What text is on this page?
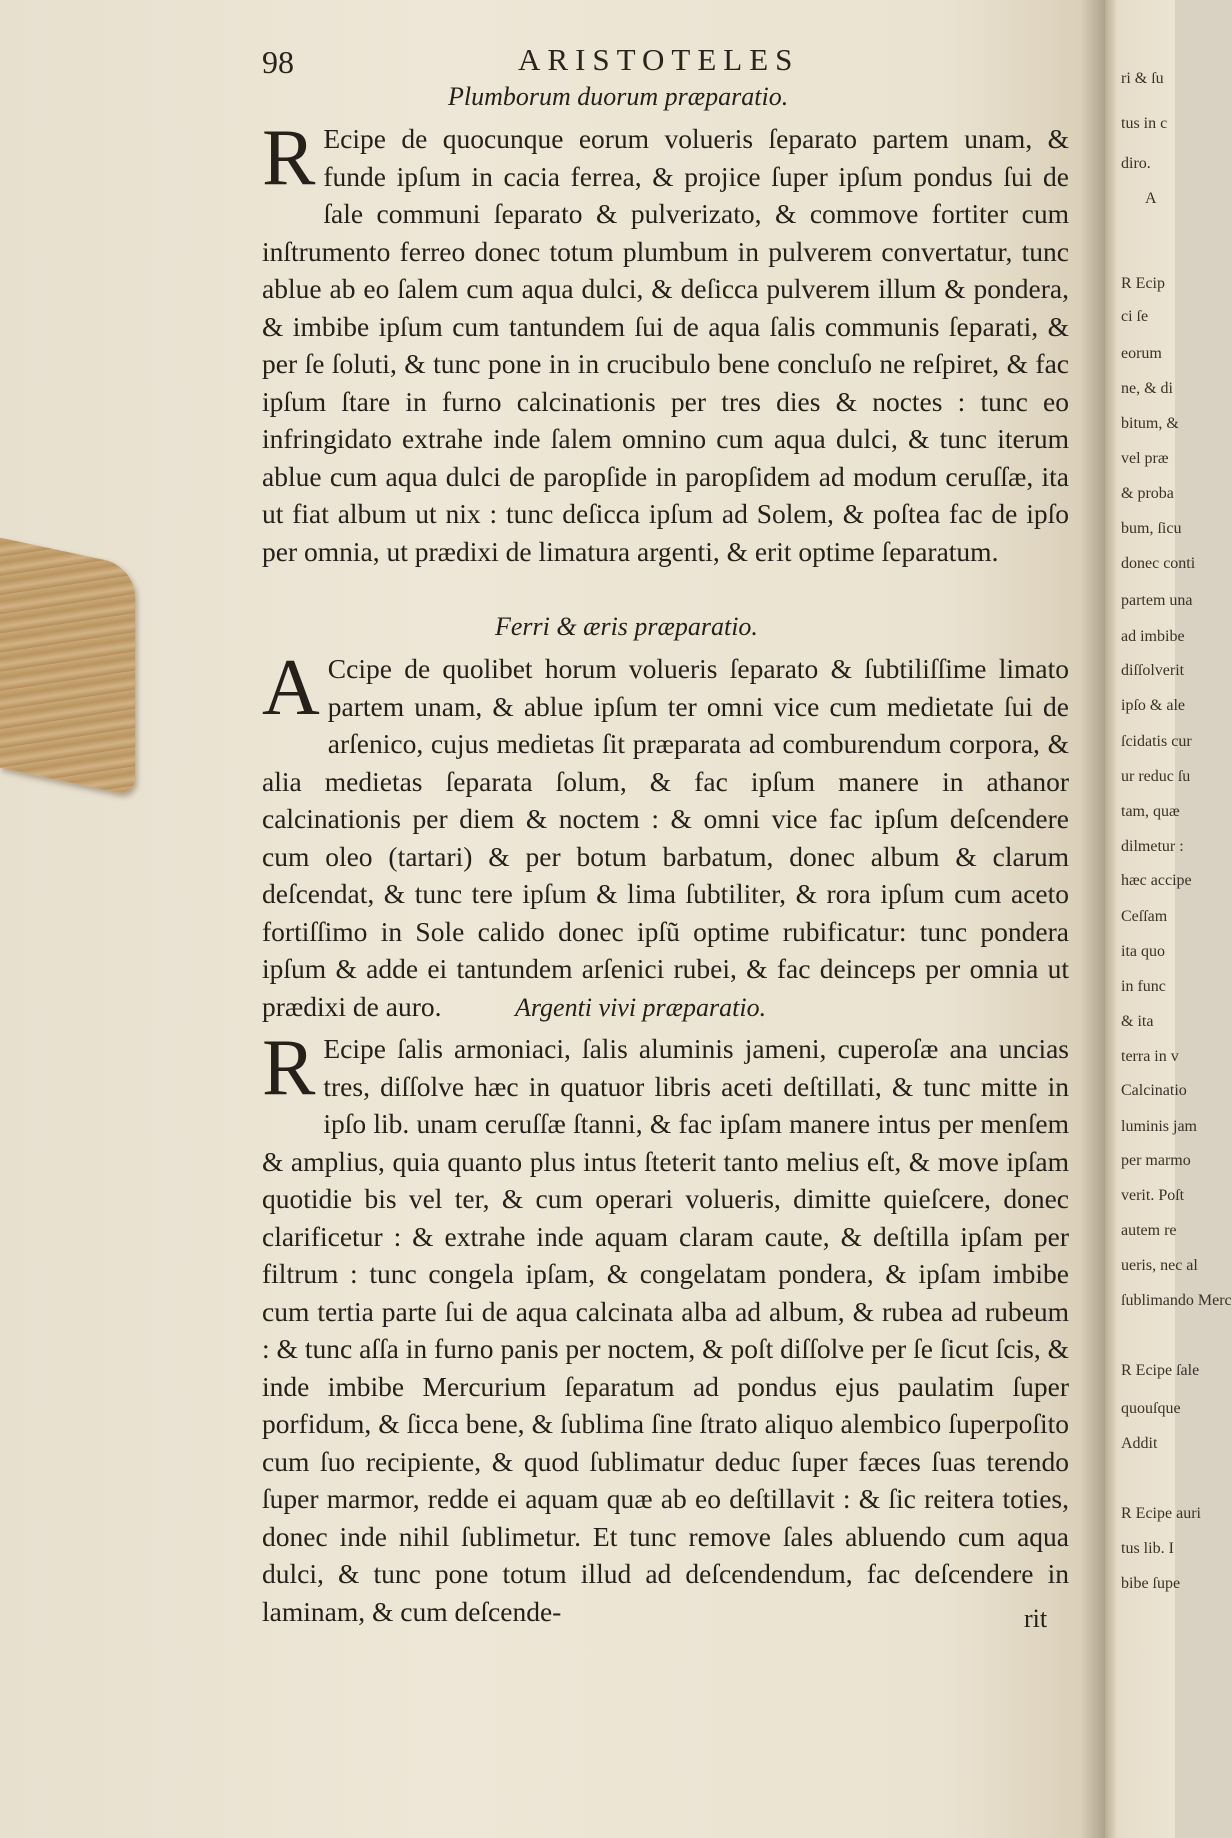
98	ARISTOTELES
Plumborum duorum præparatio.
R Ecipe de quocunque eorum volueris ſeparato partem unam, & funde ipſum in cacia ferrea, & projice ſuper ipſum pondus ſui de ſale communi ſeparato & pulverizato, & commove fortiter cum inſtrumento ferreo donec totum plumbum in pulverem convertatur, tunc ablue ab eo ſalem cum aqua dulci, & deſicca pulverem illum & pondera, & imbibe ipſum cum tantundem ſui de aqua ſalis communis ſeparati, & per ſe ſoluti, & tunc pone in in crucibulo bene concluſo ne reſpiret, & fac ipſum ſtare in furno calcinationis per tres dies & noctes : tunc eo infringidato extrahe inde ſalem omnino cum aqua dulci, & tunc iterum ablue cum aqua dulci de paropſide in paropſidem ad modum ceruſſæ, ita ut fiat album ut nix : tunc deſicca ipſum ad Solem, & poſtea fac de ipſo per omnia, ut prædixi de limatura argenti, & erit optime ſeparatum.
Ferri & æris præparatio.
A Ccipe de quolibet horum volueris ſeparato & ſubtiliſſime limato partem unam, & ablue ipſum ter omni vice cum medietate ſui de arſenico, cujus medietas ſit præparata ad comburendum corpora, & alia medietas ſeparata ſolum, & fac ipſum manere in athanor calcinationis per diem & noctem : & omni vice fac ipſum deſcendere cum oleo (tartari) & per botum barbatum, donec album & clarum deſcendat, & tunc tere ipſum & lima ſubtiliter, & rora ipſum cum aceto fortiſſimo in Sole calido donec ipſũ optime rubificatur: tunc pondera ipſum & adde ei tantundem arſenici rubei, & fac deinceps per omnia ut prædixi de auro.	Argenti vivi præparatio.
R Ecipe ſalis armoniaci, ſalis aluminis jameni, cuperoſæ ana uncias tres, diſſolve hæc in quatuor libris aceti deſtillati, & tunc mitte in ipſo lib. unam ceruſſæ ſtanni, & fac ipſam manere intus per menſem & amplius, quia quanto plus intus ſteterit tanto melius eſt, & move ipſam quotidie bis vel ter, & cum operari volueris, dimitte quieſcere, donec clarificetur : & extrahe inde aquam claram caute, & deſtilla ipſam per filtrum : tunc congela ipſam, & congelatam pondera, & ipſam imbibe cum tertia parte ſui de aqua calcinata alba ad album, & rubea ad rubeum : & tunc aſſa in furno panis per noctem, & poſt diſſolve per ſe ſicut ſcis, & inde imbibe Mercurium ſeparatum ad pondus ejus paulatim ſuper porfidum, & ſicca bene, & ſublima ſine ſtrato aliquo alembico ſuperpoſito cum ſuo recipiente, & quod ſublimatur deduc ſuper fæces ſuas terendo ſuper marmor, redde ei aquam quæ ab eo deſtillavit : & ſic reitera toties, donec inde nihil ſublimetur. Et tunc remove ſales abluendo cum aqua dulci, & tunc pone totum illud ad deſcendendum, fac deſcendere in laminam, & cum deſcende-	rit
ri & ſu
tus in c
diro.
A
R Ecip
ci ſe
eorum
ne, & di
bitum, &
vel præ
& proba
bum, ſicu
donec conti
partem una
ad imbibe
diſſolverit
ipſo & ale
ſcidatis cur
ur reduc ſu
tam, quæ
dilmetur :
hæc accipe
Ceſſam
ita quo
in func
& ita
terra in v
Calcinatio
luminis jam
per marmo
verit. Poſt
autem re
ueris, nec al
ſublimando Merc
R Ecipe ſale
quouſque
Addit
R Ecipe auri
tus lib. I
bibe ſupe
